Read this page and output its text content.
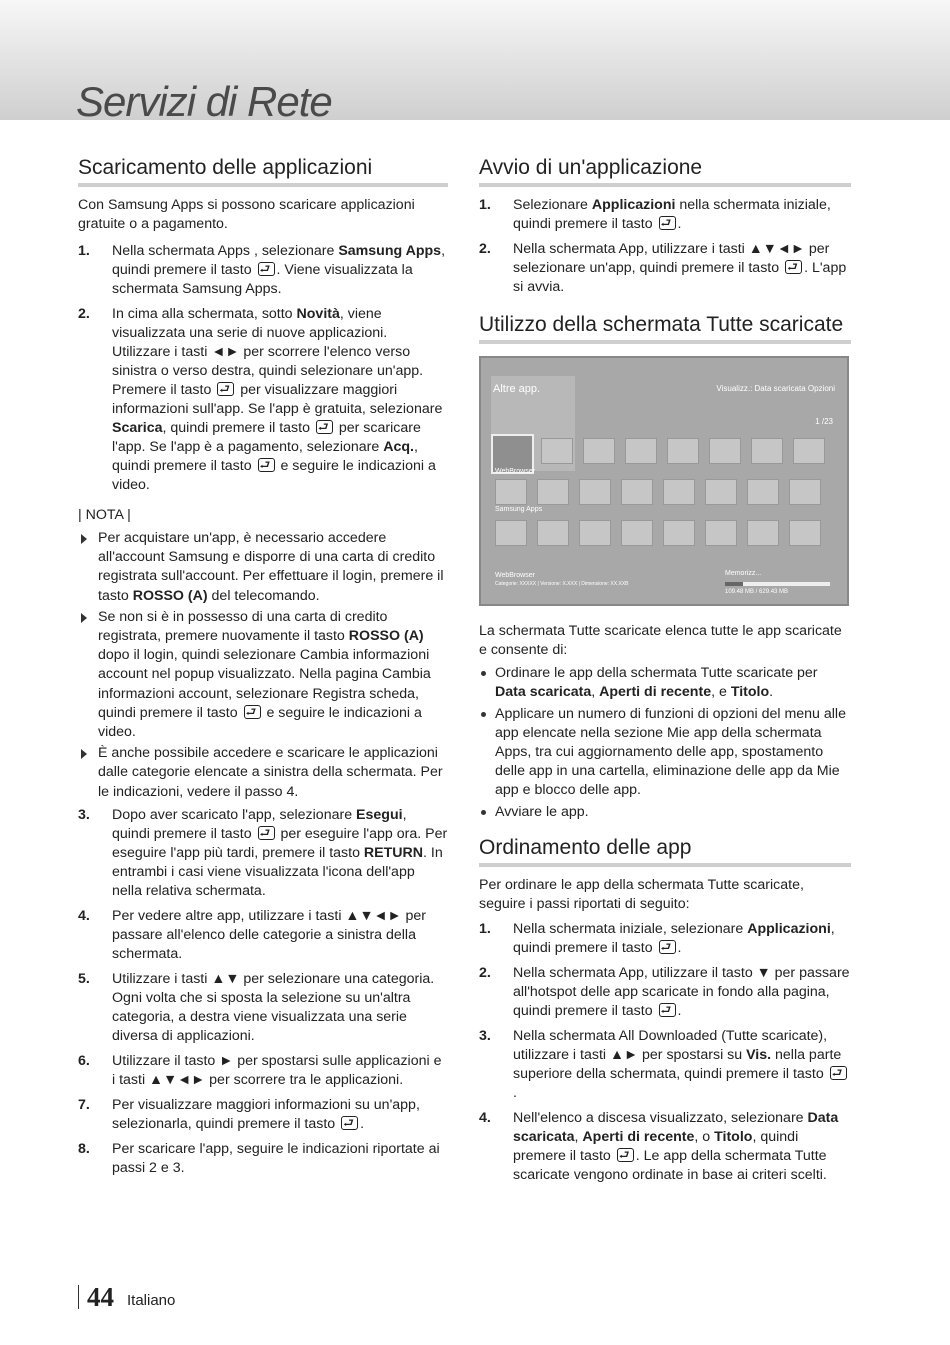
Servizi di Rete
Scaricamento delle applicazioni

Con Samsung Apps si possono scaricare applicazioni gratuite o a pagamento.

1. Nella schermata Apps , selezionare Samsung Apps, quindi premere il tasto ⮐. Viene visualizzata la schermata Samsung Apps.
2. In cima alla schermata, sotto Novità, viene visualizzata una serie di nuove applicazioni. Utilizzare i tasti ◄► per scorrere l'elenco verso sinistra o verso destra, quindi selezionare un'app. Premere il tasto ⮐ per visualizzare maggiori informazioni sull'app. Se l'app è gratuita, selezionare Scarica, quindi premere il tasto ⮐ per scaricare l'app. Se l'app è a pagamento, selezionare Acq., quindi premere il tasto ⮐ e seguire le indicazioni a video.
| NOTA |
Per acquistare un'app, è necessario accedere all'account Samsung e disporre di una carta di credito registrata sull'account. Per effettuare il login, premere il tasto ROSSO (A) del telecomando.
Se non si è in possesso di una carta di credito registrata, premere nuovamente il tasto ROSSO (A) dopo il login, quindi selezionare Cambia informazioni account nel popup visualizzato. Nella pagina Cambia informazioni account, selezionare Registra scheda, quindi premere il tasto ⮐ e seguire le indicazioni a video.
È anche possibile accedere e scaricare le applicazioni dalle categorie elencate a sinistra della schermata. Per le indicazioni, vedere il passo 4.
3. Dopo aver scaricato l'app, selezionare Esegui, quindi premere il tasto ⮐ per eseguire l'app ora. Per eseguire l'app più tardi, premere il tasto RETURN. In entrambi i casi viene visualizzata l'icona dell'app nella relativa schermata.
4. Per vedere altre app, utilizzare i tasti ▲▼◄► per passare all'elenco delle categorie a sinistra della schermata.
5. Utilizzare i tasti ▲▼ per selezionare una categoria. Ogni volta che si sposta la selezione su un'altra categoria, a destra viene visualizzata una serie diversa di applicazioni.
6. Utilizzare il tasto ► per spostarsi sulle applicazioni e i tasti ▲▼◄► per scorrere tra le applicazioni.
7. Per visualizzare maggiori informazioni su un'app, selezionarla, quindi premere il tasto ⮐.
8. Per scaricare l'app, seguire le indicazioni riportate ai passi 2 e 3.
Avvio di un'applicazione
1. Selezionare Applicazioni nella schermata iniziale, quindi premere il tasto ⮐.
2. Nella schermata App, utilizzare i tasti ▲▼◄► per selezionare un'app, quindi premere il tasto ⮐. L'app si avvia.
Utilizzo della schermata Tutte scaricate
Altre app.	Visualizz.: Data scaricata Opzioni
1 /23
WebBrowser
Samsung Apps
WebBrowser
Categorie: XXXXX | Versione: X.XXX | Dimensione: XX.XXB
Memorizz...
109.48 MB / 629.43 MB

La schermata Tutte scaricate elenca tutte le app scaricate e consente di:

Ordinare le app della schermata Tutte scaricate per Data scaricata, Aperti di recente, e Titolo.
Applicare un numero di funzioni di opzioni del menu alle app elencate nella sezione Mie app della schermata Apps, tra cui aggiornamento delle app, spostamento delle app in una cartella, eliminazione delle app da Mie app e blocco delle app.
Avviare le app.
Ordinamento delle app

Per ordinare le app della schermata Tutte scaricate, seguire i passi riportati di seguito:

1. Nella schermata iniziale, selezionare Applicazioni, quindi premere il tasto ⮐.
2. Nella schermata App, utilizzare il tasto ▼ per passare all'hotspot delle app scaricate in fondo alla pagina, quindi premere il tasto ⮐.
3. Nella schermata All Downloaded (Tutte scaricate), utilizzare i tasti ▲► per spostarsi su Vis. nella parte superiore della schermata, quindi premere il tasto ⮐.
4. Nell'elenco a discesa visualizzato, selezionare Data scaricata, Aperti di recente, o Titolo, quindi premere il tasto ⮐. Le app della schermata Tutte scaricate vengono ordinate in base ai criteri scelti.
44 Italiano
